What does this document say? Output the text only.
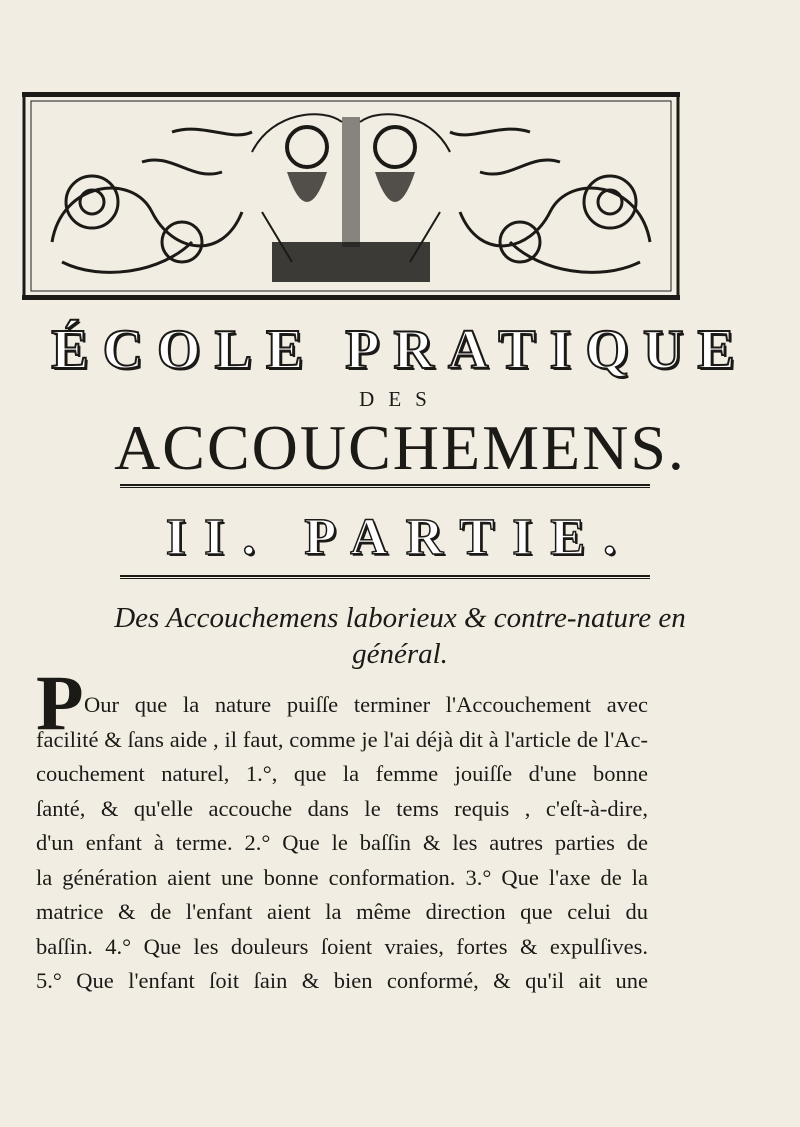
ÉCOLE PRATIQUE
DES
ACCOUCHEMENS.
II. PARTIE.
Des Accouchemens laborieux & contre-nature en
général.
P Our que la nature puiſſe terminer l'Accouchement avec
facilité & ſans aide , il faut, comme je l'ai déjà dit à l'article de l'Ac-
couchement naturel, 1.°, que la femme jouiſſe d'une bonne
ſanté, & qu'elle accouche dans le tems requis , c'eſt-à-dire,
d'un enfant à terme. 2.° Que le baſſin & les autres parties de
la génération aient une bonne conformation. 3.° Que l'axe de la
matrice & de l'enfant aient la même direction que celui du
baſſin. 4.° Que les douleurs ſoient vraies, fortes & expulſives.
5.° Que l'enfant ſoit ſain & bien conformé, & qu'il ait une
